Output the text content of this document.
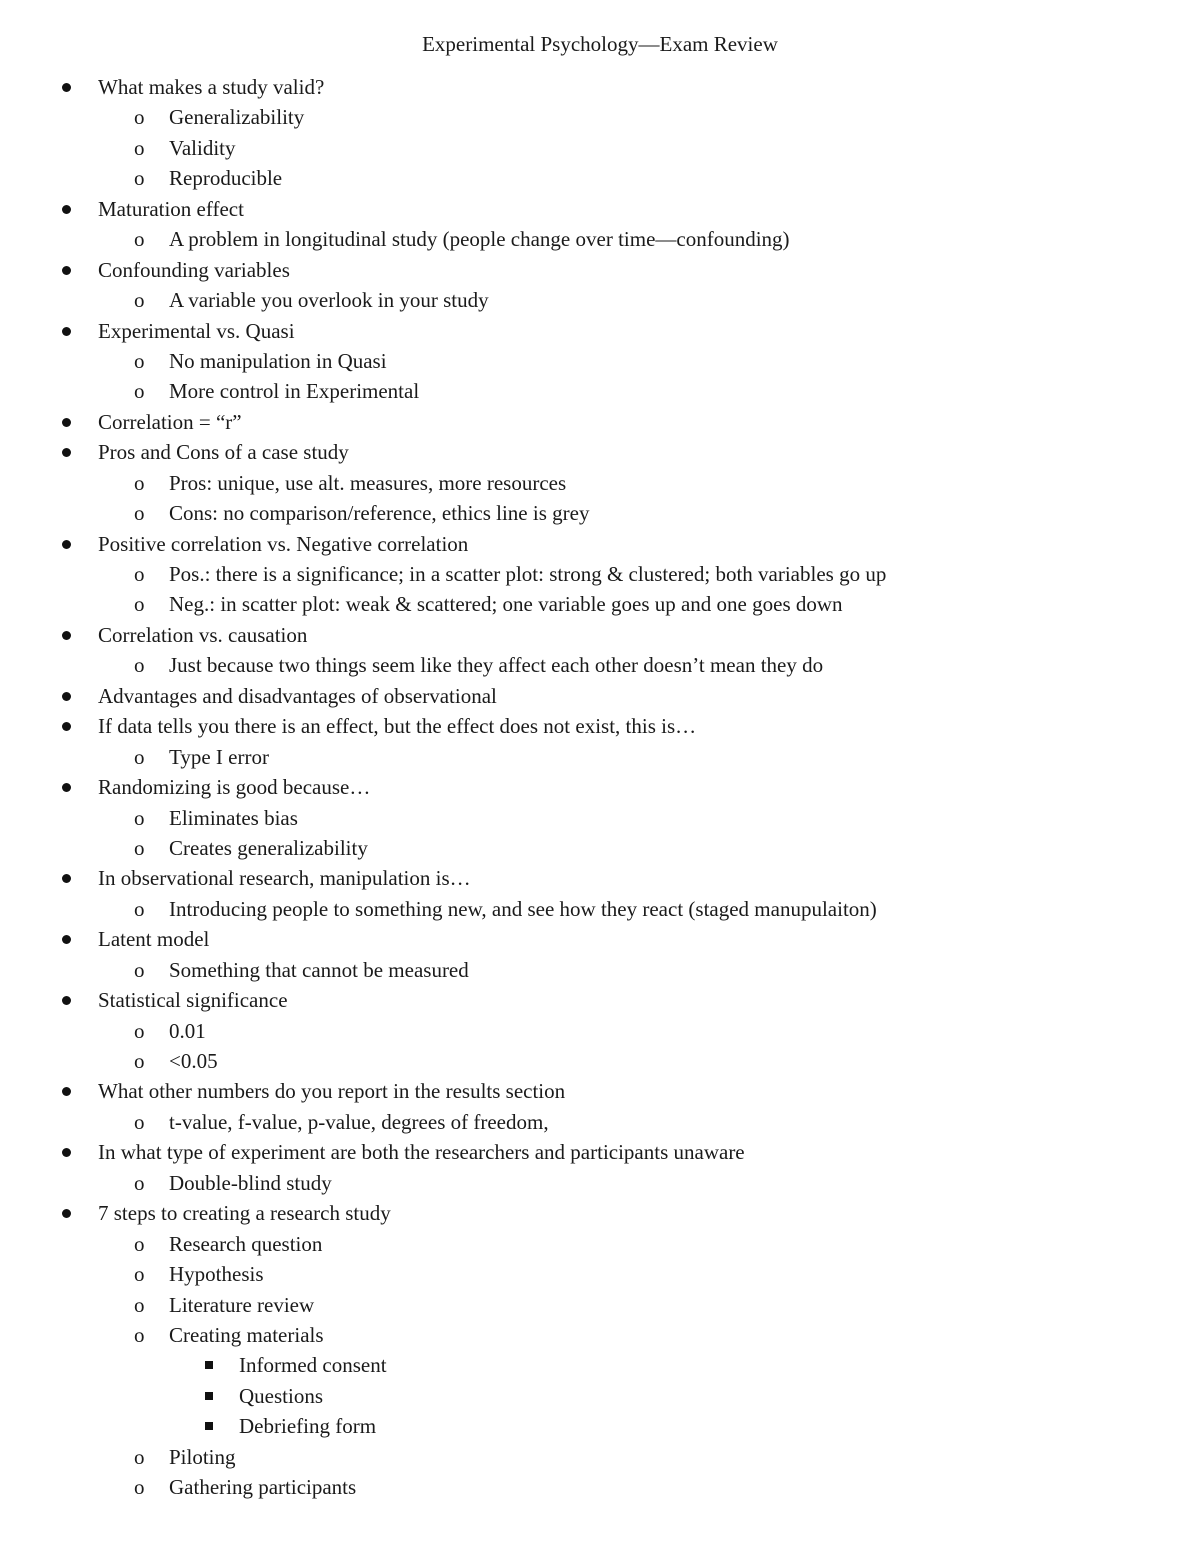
Experimental Psychology—Exam Review
What makes a study valid?
o Generalizability
o Validity
o Reproducible
Maturation effect
o A problem in longitudinal study (people change over time—confounding)
Confounding variables
o A variable you overlook in your study
Experimental vs. Quasi
o No manipulation in Quasi
o More control in Experimental
Correlation = “r”
Pros and Cons of a case study
o Pros: unique, use alt. measures, more resources
o Cons: no comparison/reference, ethics line is grey
Positive correlation vs. Negative correlation
o Pos.: there is a significance; in a scatter plot: strong & clustered; both variables go up
o Neg.: in scatter plot: weak & scattered; one variable goes up and one goes down
Correlation vs. causation
o Just because two things seem like they affect each other doesn’t mean they do
Advantages and disadvantages of observational
If data tells you there is an effect, but the effect does not exist, this is…
o Type I error
Randomizing is good because…
o Eliminates bias
o Creates generalizability
In observational research, manipulation is…
o Introducing people to something new, and see how they react (staged manupulaiton)
Latent model
o Something that cannot be measured
Statistical significance
o 0.01
o <0.05
What other numbers do you report in the results section
o t-value, f-value, p-value, degrees of freedom,
In what type of experiment are both the researchers and participants unaware
o Double-blind study
7 steps to creating a research study
o Research question
o Hypothesis
o Literature review
o Creating materials
Informed consent
Questions
Debriefing form
o Piloting
o Gathering participants
